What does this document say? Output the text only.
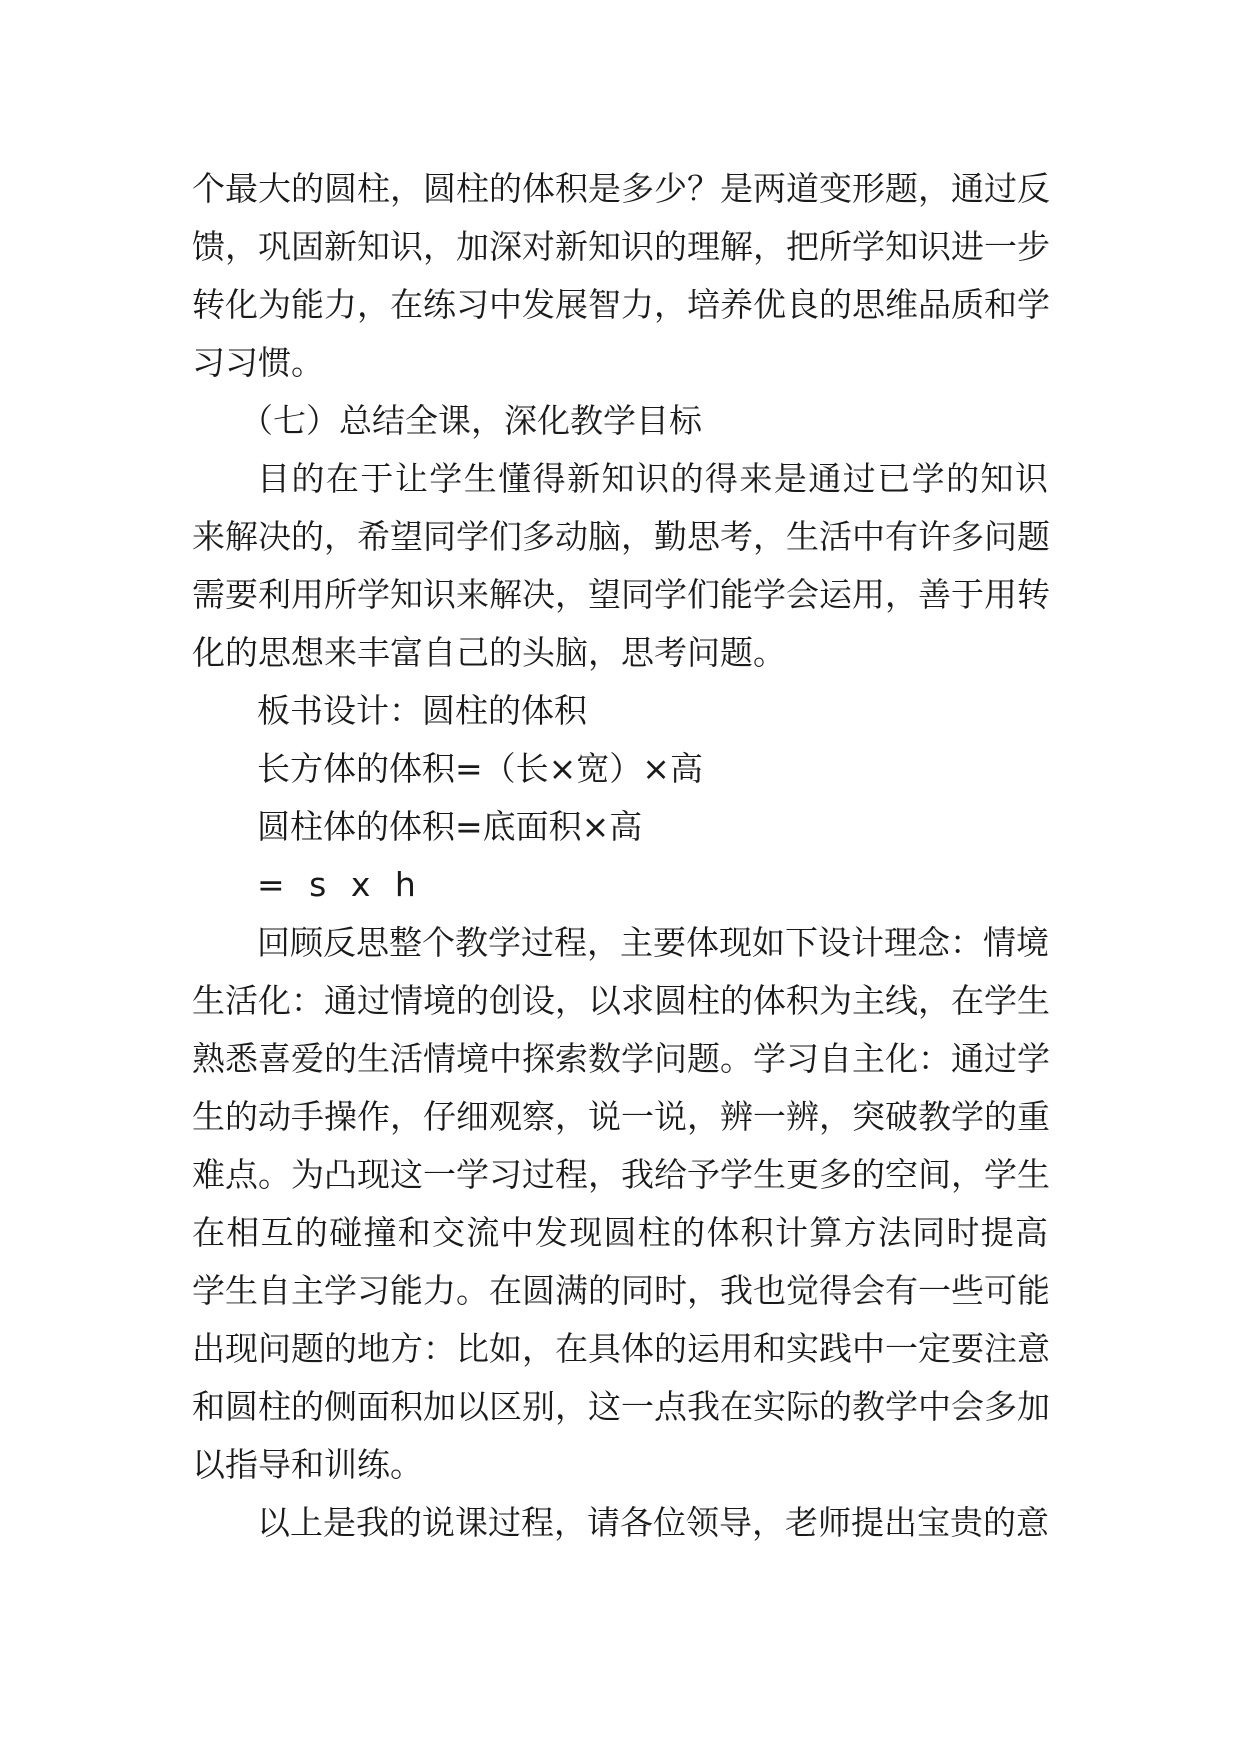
个最大的圆柱，圆柱的体积是多少？是两道变形题，通过反
馈，巩固新知识，加深对新知识的理解，把所学知识进一步
转化为能力，在练习中发展智力，培养优良的思维品质和学
习习惯。
（七）总结全课，深化教学目标
目的在于让学生懂得新知识的得来是通过已学的知识
来解决的，希望同学们多动脑，勤思考，生活中有许多问题
需要利用所学知识来解决，望同学们能学会运用，善于用转
化的思想来丰富自己的头脑，思考问题。
板书设计：圆柱的体积
长方体的体积=（长×宽）×高
圆柱体的体积=底面积×高
= s x h
回顾反思整个教学过程，主要体现如下设计理念：情境
生活化：通过情境的创设，以求圆柱的体积为主线，在学生
熟悉喜爱的生活情境中探索数学问题。学习自主化：通过学
生的动手操作，仔细观察，说一说，辨一辨，突破教学的重
难点。为凸现这一学习过程，我给予学生更多的空间，学生
在相互的碰撞和交流中发现圆柱的体积计算方法同时提高
学生自主学习能力。在圆满的同时，我也觉得会有一些可能
出现问题的地方：比如，在具体的运用和实践中一定要注意
和圆柱的侧面积加以区别，这一点我在实际的教学中会多加
以指导和训练。
以上是我的说课过程，请各位领导，老师提出宝贵的意
